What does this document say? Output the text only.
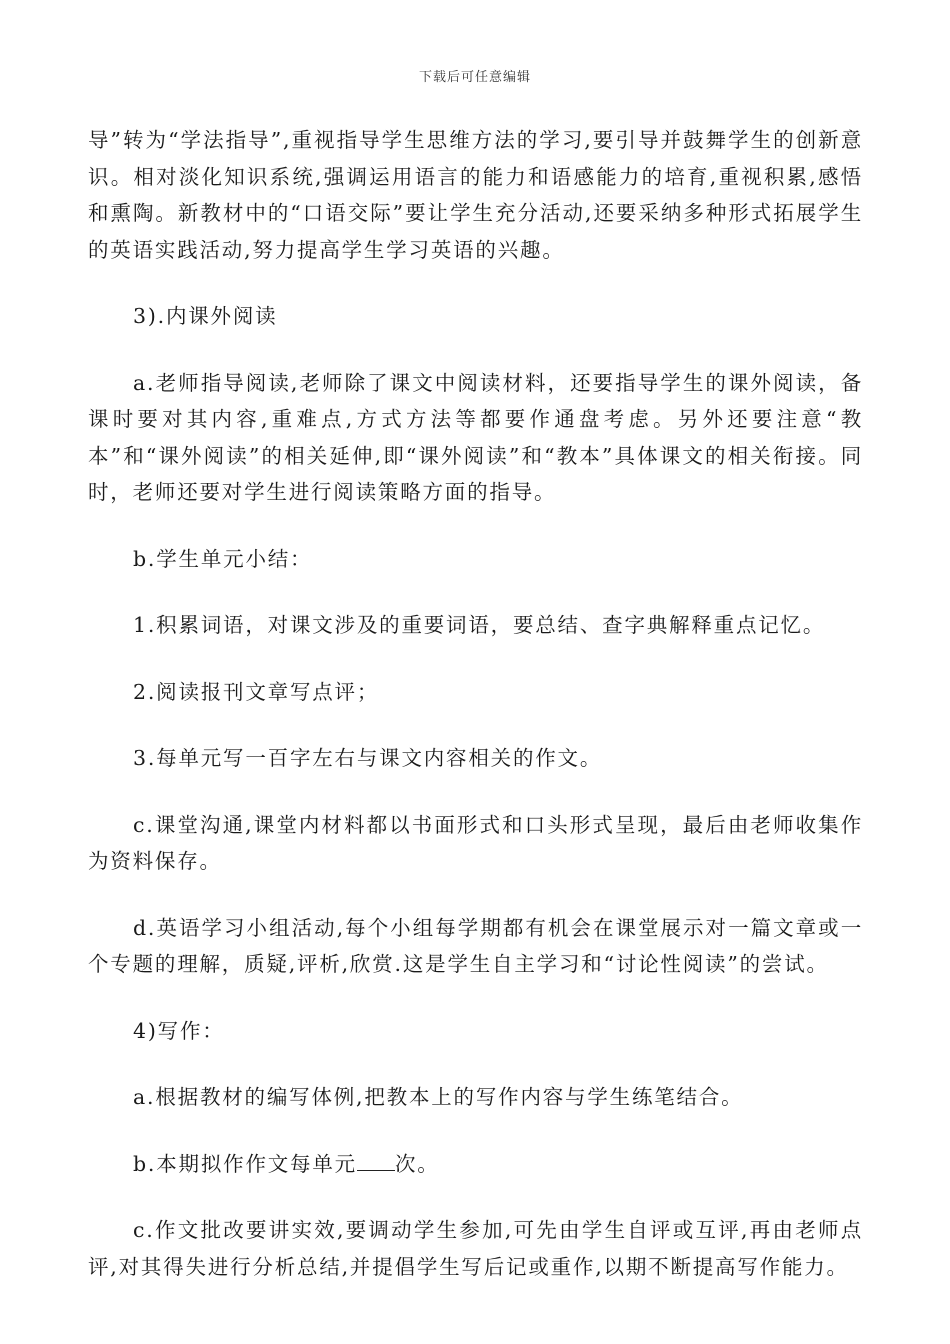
下载后可任意编辑

导”转为“学法指导”,重视指导学生思维方法的学习,要引导并鼓舞学生的创新意识。相对淡化知识系统,强调运用语言的能力和语感能力的培育,重视积累,感悟和熏陶。新教材中的“口语交际”要让学生充分活动,还要采纳多种形式拓展学生的英语实践活动,努力提高学生学习英语的兴趣。

3).内课外阅读

a.老师指导阅读,老师除了课文中阅读材料，还要指导学生的课外阅读，备课时要对其内容,重难点,方式方法等都要作通盘考虑。另外还要注意“教本”和“课外阅读”的相关延伸,即“课外阅读”和“教本”具体课文的相关衔接。同时，老师还要对学生进行阅读策略方面的指导。

b.学生单元小结：

1.积累词语，对课文涉及的重要词语，要总结、查字典解释重点记忆。

2.阅读报刊文章写点评；

3.每单元写一百字左右与课文内容相关的作文。

c.课堂沟通,课堂内材料都以书面形式和口头形式呈现，最后由老师收集作为资料保存。

d.英语学习小组活动,每个小组每学期都有机会在课堂展示对一篇文章或一个专题的理解，质疑,评析,欣赏.这是学生自主学习和“讨论性阅读”的尝试。

4)写作：

a.根据教材的编写体例,把教本上的写作内容与学生练笔结合。

b.本期拟作作文每单元 次。

c.作文批改要讲实效,要调动学生参加,可先由学生自评或互评,再由老师点评,对其得失进行分析总结,并提倡学生写后记或重作,以期不断提高写作能力。
